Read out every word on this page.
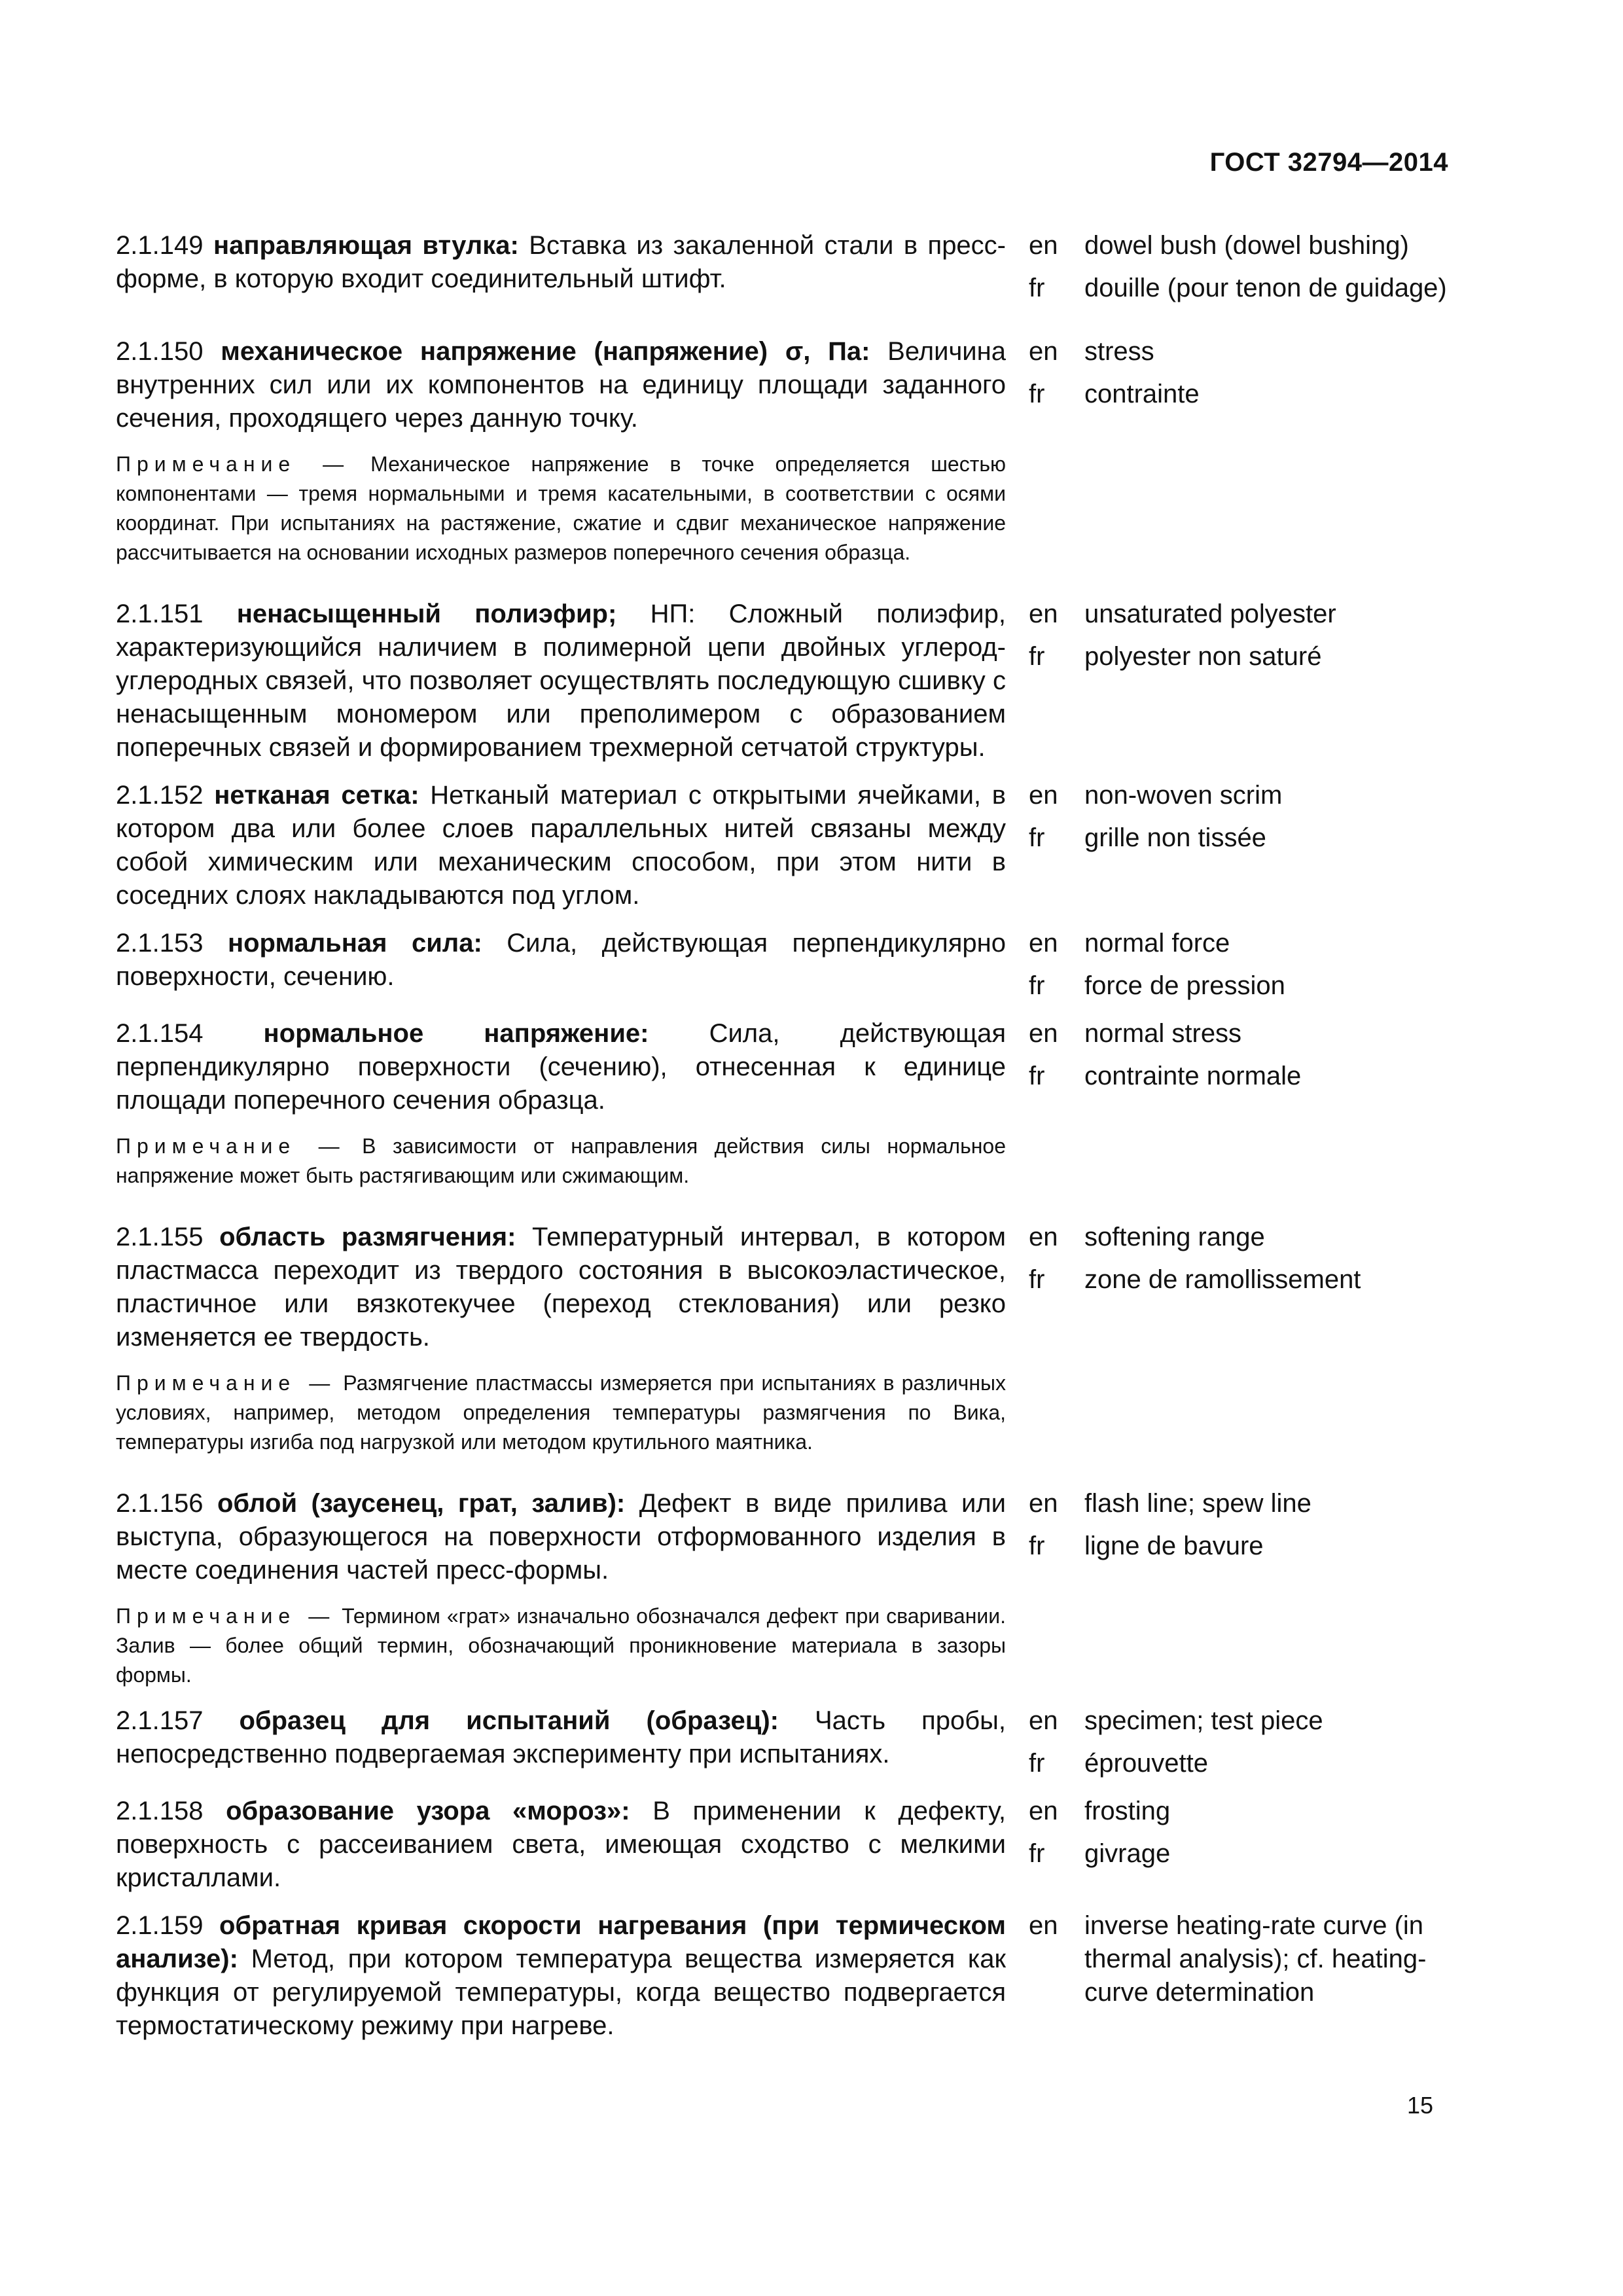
ГОСТ 32794—2014

2.1.149 направляющая втулка: Вставка из закаленной стали в пресс-форме, в которую входит соединительный штифт.

en	dowel bush (dowel bushing)
fr	douille (pour tenon de guidage)

2.1.150 механическое напряжение (напряжение) σ, Па: Величина внутренних сил или их компонентов на единицу площади заданного сечения, проходящего через данную точку.

Примечание — Механическое напряжение в точке определяется шестью компонентами — тремя нормальными и тремя касательными, в соответствии с осями координат. При испытаниях на растяжение, сжатие и сдвиг механическое напряжение рассчитывается на основании исходных размеров поперечного сечения образца.

en	stress
fr	contrainte

2.1.151 ненасыщенный полиэфир; НП: Сложный полиэфир, характеризующийся наличием в полимерной цепи двойных углерод-углеродных связей, что позволяет осуществлять последующую сшивку с ненасыщенным мономером или преполимером с образованием поперечных связей и формированием трехмерной сетчатой структуры.

en	unsaturated polyester
fr	polyester non saturé

2.1.152 нетканая сетка: Нетканый материал с открытыми ячейками, в котором два или более слоев параллельных нитей связаны между собой химическим или механическим способом, при этом нити в соседних слоях накладываются под углом.

en	non-woven scrim
fr	grille non tissée

2.1.153 нормальная сила: Сила, действующая перпендикулярно поверхности, сечению.

en	normal force
fr	force de pression

2.1.154 нормальное напряжение: Сила, действующая перпендикулярно поверхности (сечению), отнесенная к единице площади поперечного сечения образца.

Примечание — В зависимости от направления действия силы нормальное напряжение может быть растягивающим или сжимающим.

en	normal stress
fr	contrainte normale

2.1.155 область размягчения: Температурный интервал, в котором пластмасса переходит из твердого состояния в высокоэластическое, пластичное или вязкотекучее (переход стеклования) или резко изменяется ее твердость.

Примечание — Размягчение пластмассы измеряется при испытаниях в различных условиях, например, методом определения температуры размягчения по Вика, температуры изгиба под нагрузкой или методом крутильного маятника.

en	softening range
fr	zone de ramollissement

2.1.156 облой (заусенец, грат, залив): Дефект в виде прилива или выступа, образующегося на поверхности отформованного изделия в месте соединения частей пресс-формы.

Примечание — Термином «грат» изначально обозначался дефект при сваривании. Залив — более общий термин, обозначающий проникновение материала в зазоры формы.

en	flash line; spew line
fr	ligne de bavure

2.1.157 образец для испытаний (образец): Часть пробы, непосредственно подвергаемая эксперименту при испытаниях.

en	specimen; test piece
fr	éprouvette

2.1.158 образование узора «мороз»: В применении к дефекту, поверхность с рассеиванием света, имеющая сходство с мелкими кристаллами.

en	frosting
fr	givrage

2.1.159 обратная кривая скорости нагревания (при термическом анализе): Метод, при котором температура вещества измеряется как функция от регулируемой температуры, когда вещество подвергается термостатическому режиму при нагреве.

en	inverse heating-rate curve (in thermal analysis); cf. heating-curve determination
15
